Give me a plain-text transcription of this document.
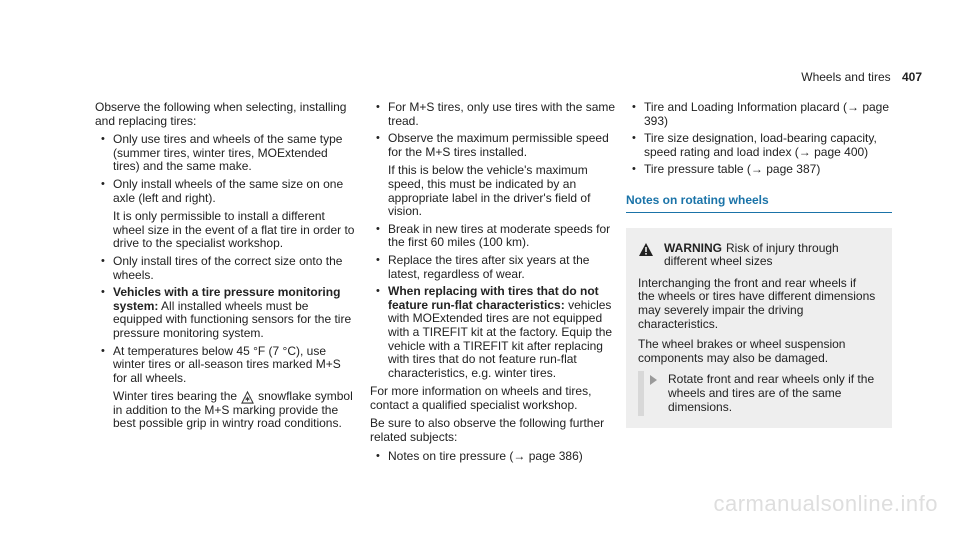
Wheels and tires 407

Observe the following when selecting, installing and replacing tires:

• Only use tires and wheels of the same type (summer tires, winter tires, MOExtended tires) and the same make.
• Only install wheels of the same size on one axle (left and right).
It is only permissible to install a different wheel size in the event of a flat tire in order to drive to the specialist workshop.
• Only install tires of the correct size onto the wheels.
• Vehicles with a tire pressure monitoring system: All installed wheels must be equipped with functioning sensors for the tire pressure monitoring system.
• At temperatures below 45 °F (7 °C), use winter tires or all-season tires marked M+S for all wheels.
Winter tires bearing the snowflake symbol in addition to the M+S marking provide the best possible grip in wintry road conditions.
• For M+S tires, only use tires with the same tread.
• Observe the maximum permissible speed for the M+S tires installed.
If this is below the vehicle's maximum speed, this must be indicated by an appropriate label in the driver's field of vision.
• Break in new tires at moderate speeds for the first 60 miles (100 km).
• Replace the tires after six years at the latest, regardless of wear.
• When replacing with tires that do not feature run-flat characteristics: vehicles with MOExtended tires are not equipped with a TIREFIT kit at the factory. Equip the vehicle with a TIREFIT kit after replacing with tires that do not feature run-flat characteristics, e.g. winter tires.

For more information on wheels and tires, contact a qualified specialist workshop.

Be sure to also observe the following further related subjects:

• Notes on tire pressure (→ page 386)
• Tire and Loading Information placard (→ page 393)
• Tire size designation, load-bearing capacity, speed rating and load index (→ page 400)
• Tire pressure table (→ page 387)
Notes on rotating wheels
WARNING Risk of injury through different wheel sizes

Interchanging the front and rear wheels if the wheels or tires have different dimensions may severely impair the driving characteristics.

The wheel brakes or wheel suspension components may also be damaged.

Rotate front and rear wheels only if the wheels and tires are of the same dimensions.
carmanualsonline.info
